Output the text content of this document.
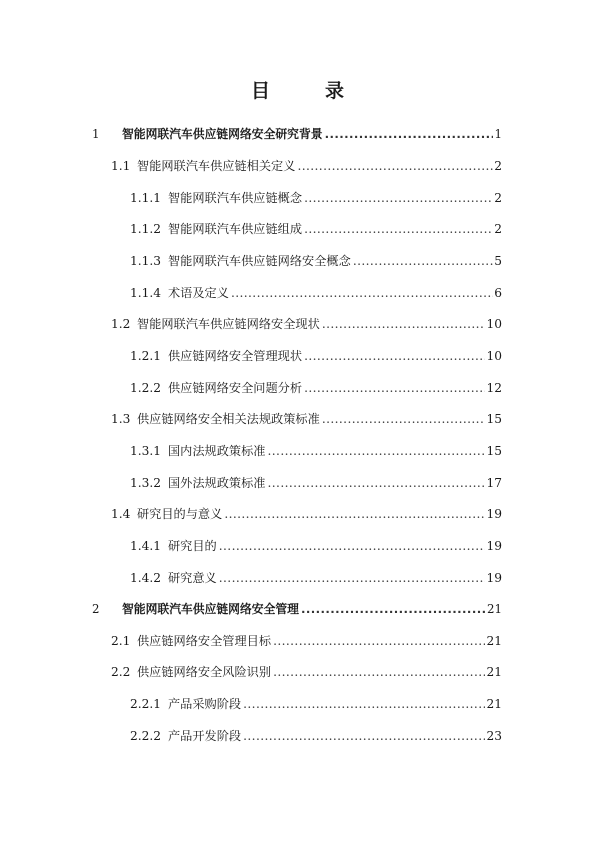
目　录
1	智能网联汽车供应链网络安全研究背景 .....	1
1.1 智能网联汽车供应链相关定义 .....	2
1.1.1 智能网联汽车供应链概念 .....	2
1.1.2 智能网联汽车供应链组成 .....	2
1.1.3 智能网联汽车供应链网络安全概念 .....	5
1.1.4 术语及定义 .....	6
1.2 智能网联汽车供应链网络安全现状 .....	10
1.2.1 供应链网络安全管理现状 .....	10
1.2.2 供应链网络安全问题分析 .....	12
1.3 供应链网络安全相关法规政策标准 .....	15
1.3.1 国内法规政策标准 .....	15
1.3.2 国外法规政策标准 .....	17
1.4 研究目的与意义 .....	19
1.4.1 研究目的 .....	19
1.4.2 研究意义 .....	19
2	智能网联汽车供应链网络安全管理 .....	21
2.1 供应链网络安全管理目标 .....	21
2.2 供应链网络安全风险识别 .....	21
2.2.1 产品采购阶段 .....	21
2.2.2 产品开发阶段 .....	23
